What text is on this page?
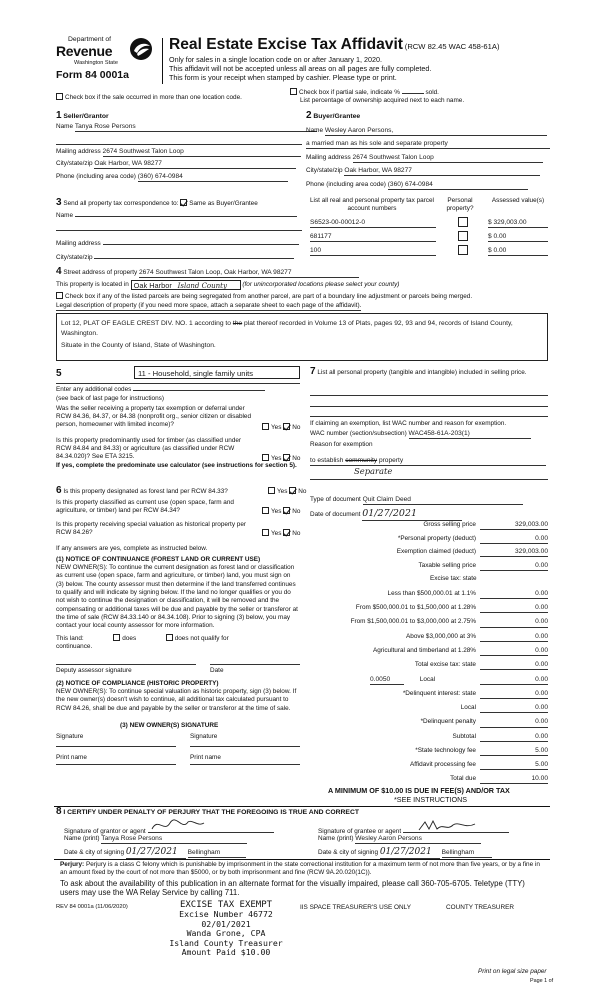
Department of
Revenue
Washington State
Form 84 0001a
Real Estate Excise Tax Affidavit (RCW 82.45 WAC 458-61A)
Only for sales in a single location code on or after January 1, 2020.
This affidavit will not be accepted unless all areas on all pages are fully completed.
This form is your receipt when stamped by cashier. Please type or print.
Check box if the sale occurred in more than one location code.
Check box if partial sale, indicate %	sold.
List percentage of ownership acquired next to each name.
1 Seller/Grantor
Name Tanya Rose Persons
Mailing address 2674 Southwest Talon Loop
City/state/zip Oak Harbor, WA 98277
Phone (including area code) (360) 674-0984
2 Buyer/Grantee
Name Wesley Aaron Persons,
a married man as his sole and separate property
Mailing address 2674 Southwest Talon Loop
City/state/zip Oak Harbor, WA 98277
Phone (including area code) (360) 674-0984
3 Send all property tax correspondence to: Same as Buyer/Grantee
Name
Mailing address
City/state/zip
List all real and personal property tax parcel account numbers
Personal property?
Assessed value(s)
S6523-00-00012-0	$ 329,003.00
681177	$ 0.00
100	$ 0.00
4 Street address of property 2674 Southwest Talon Loop, Oak Harbor, WA 98277
This property is located in Oak Harbor Island County (for unincorporated locations please select your county)
Check box if any of the listed parcels are being segregated from another parcel, are part of a boundary line adjustment or parcels being merged.
Legal description of property (if you need more space, attach a separate sheet to each page of the affidavit).
Lot 12, PLAT OF EAGLE CREST DIV. NO. 1 according to the plat thereof recorded in Volume 13 of Plats, pages 92, 93 and 94, records of Island County, Washington.
Situate in the County of Island, State of Washington.
5	11 - Household, single family units
Enter any additional codes
(see back of last page for instructions)
Was the seller receiving a property tax exemption or deferral under RCW 84.36, 84.37, or 84.38 (nonprofit org., senior citizen or disabled person, homeowner with limited income)?	Yes No
Is this property predominantly used for timber (as classified under RCW 84.84 and 84.33) or agriculture (as classified under RCW 84.34.020)? See ETA 3215.	Yes No
If yes, complete the predominate use calculator (see instructions for section 5).
6 Is this property designated as forest land per RCW 84.33?	Yes No
Is this property classified as current use (open space, farm and agriculture, or timber) land per RCW 84.34?	Yes No
Is this property receiving special valuation as historical property per RCW 84.26?	Yes No
If any answers are yes, complete as instructed below.
(1) NOTICE OF CONTINUANCE (FOREST LAND OR CURRENT USE)
NEW OWNER(S): To continue the current designation as forest land or classification as current use (open space, farm and agriculture, or timber) land, you must sign on (3) below. The county assessor must then determine if the land transferred continues to qualify and will indicate by signing below. If the land no longer qualifies or you do not wish to continue the designation or classification, it will be removed and the compensating or additional taxes will be due and payable by the seller or transferor at the time of sale (RCW 84.33.140 or 84.34.108). Prior to signing (3) below, you may contact your local county assessor for more information.
This land:	does	does not qualify for
continuance.
Deputy assessor signature	Date
(2) NOTICE OF COMPLIANCE (HISTORIC PROPERTY)
NEW OWNER(S): To continue special valuation as historic property, sign (3) below. If the new owner(s) doesn't wish to continue, all additional tax calculated pursuant to RCW 84.26, shall be due and payable by the seller or transferor at the time of sale.
(3) NEW OWNER(S) SIGNATURE
Signature	Signature
Print name	Print name
7 List all personal property (tangible and intangible) included in selling price.
If claiming an exemption, list WAC number and reason for exemption.
WAC number (section/subsection) WAC458-61A-203(1)
Reason for exemption
to establish community property
Separate
Type of document Quit Claim Deed
Date of document 01/27/2021
Gross selling price	329,003.00
*Personal property (deduct)	0.00
Exemption claimed (deduct)	329,003.00
Taxable selling price	0.00
Excise tax: state
Less than $500,000.01 at 1.1%	0.00
From $500,000.01 to $1,500,000 at 1.28%	0.00
From $1,500,000.01 to $3,000,000 at 2.75%	0.00
Above $3,000,000 at 3%	0.00
Agricultural and timberland at 1.28%	0.00
Total excise tax: state	0.00
0.0050	Local	0.00
*Delinquent interest: state	0.00
Local	0.00
*Delinquent penalty	0.00
Subtotal	0.00
*State technology fee	5.00
Affidavit processing fee	5.00
Total due	10.00
A MINIMUM OF $10.00 IS DUE IN FEE(S) AND/OR TAX
*SEE INSTRUCTIONS
8 I CERTIFY UNDER PENALTY OF PERJURY THAT THE FOREGOING IS TRUE AND CORRECT
Signature of grantor or agent
Name (print) Tanya Rose Persons
Date & city of signing 01/27/2021 Bellingham
Signature of grantee or agent
Name (print) Wesley Aaron Persons
Date & city of signing 01/27/2021 Bellingham
Perjury: Perjury is a class C felony which is punishable by imprisonment in the state correctional institution for a maximum term of not more than five years, or by a fine in an amount fixed by the court of not more than $5000, or by both imprisonment and fine (RCW 9A.20.020(1C)).
To ask about the availability of this publication in an alternate format for the visually impaired, please call 360-705-6705. Teletype (TTY) users may use the WA Relay Service by calling 711.
REV 84 0001a (11/06/2020)	EXCISE TAX EXEMPT
Excise Number 46772
02/01/2021
Wanda Grone, CPA
Island County Treasurer
Amount Paid $10.00
IIS SPACE TREASURER'S USE ONLY	COUNTY TREASURER
Print on legal size paper
Page 1 of
